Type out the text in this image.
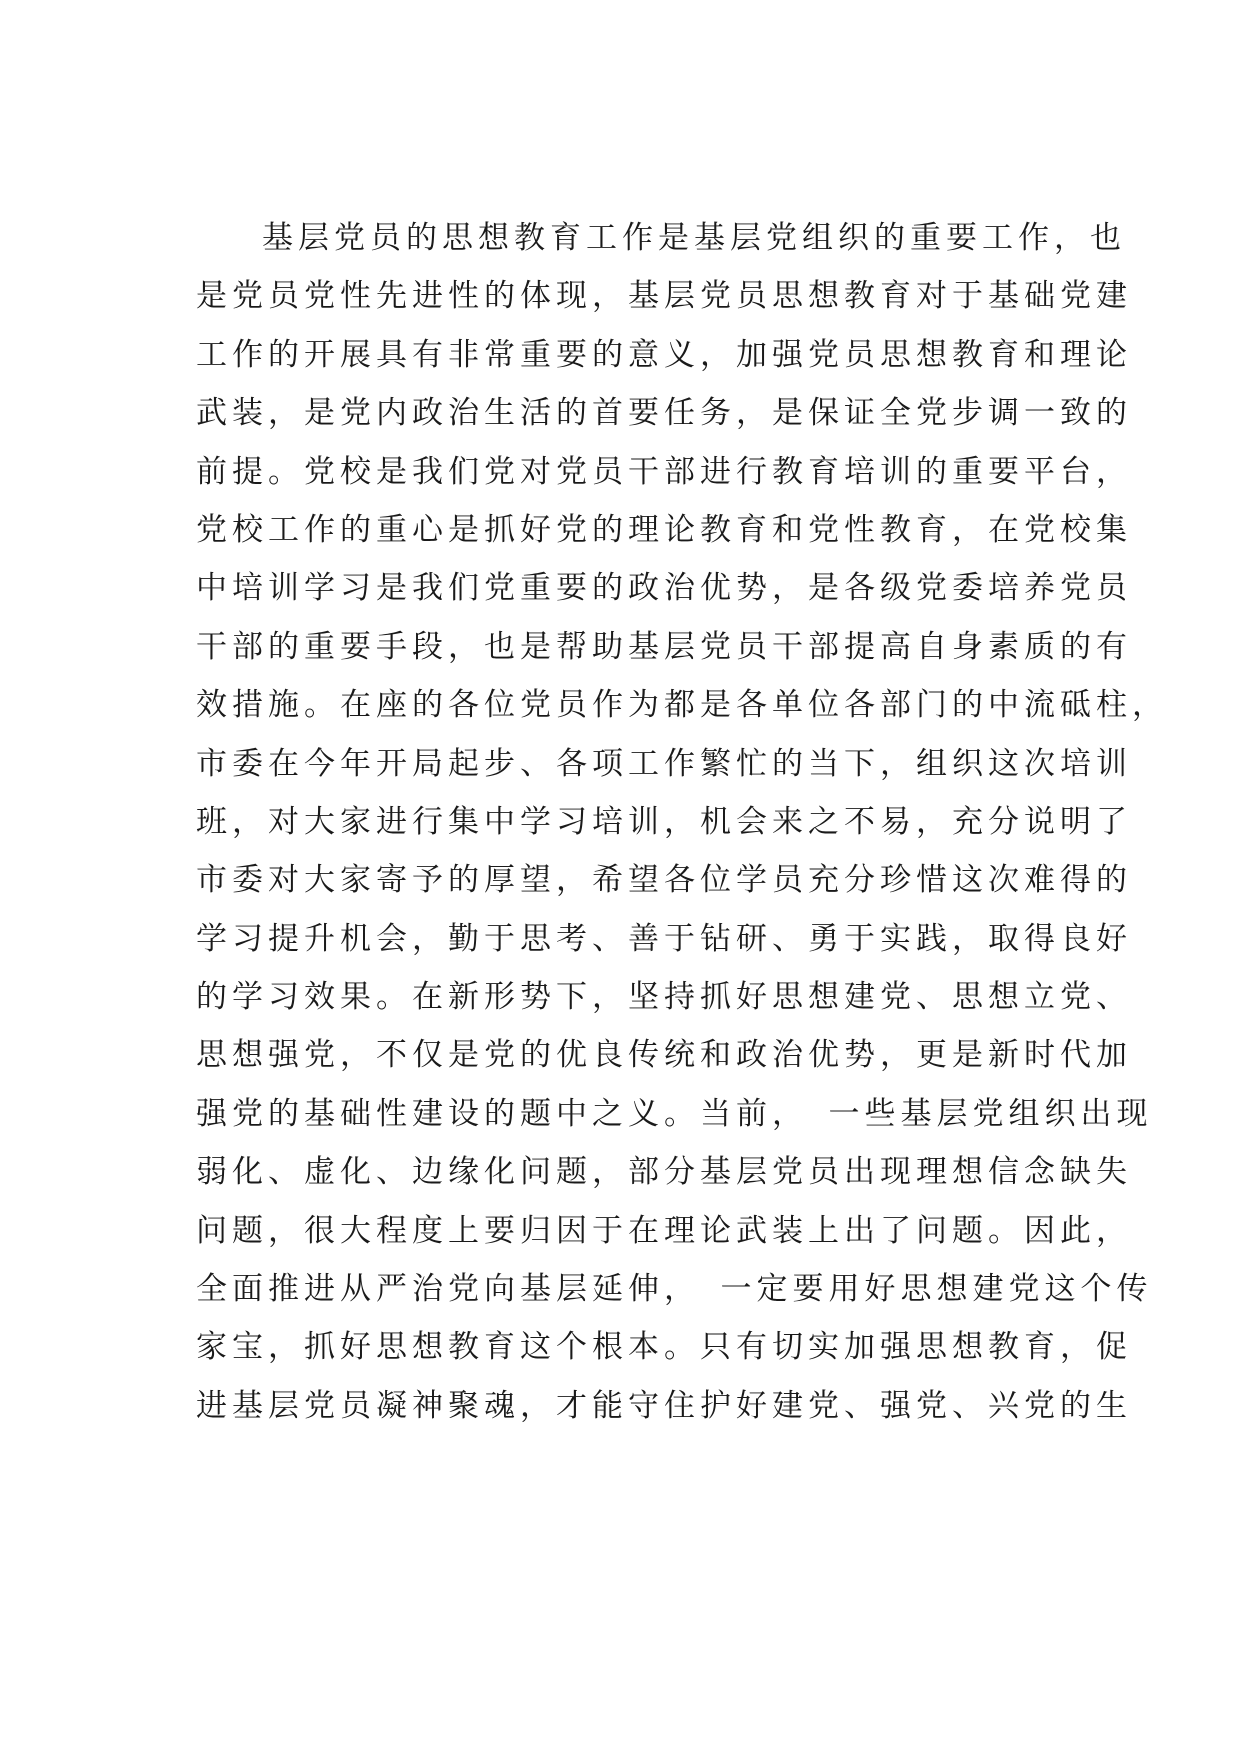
基层党员的思想教育工作是基层党组织的重要工作，也
是党员党性先进性的体现，基层党员思想教育对于基础党建
工作的开展具有非常重要的意义，加强党员思想教育和理论
武装，是党内政治生活的首要任务，是保证全党步调一致的
前提。党校是我们党对党员干部进行教育培训的重要平台，
党校工作的重心是抓好党的理论教育和党性教育，在党校集
中培训学习是我们党重要的政治优势，是各级党委培养党员
干部的重要手段，也是帮助基层党员干部提高自身素质的有
效措施。在座的各位党员作为都是各单位各部门的中流砥柱，
市委在今年开局起步、各项工作繁忙的当下，组织这次培训
班，对大家进行集中学习培训，机会来之不易，充分说明了
市委对大家寄予的厚望，希望各位学员充分珍惜这次难得的
学习提升机会，勤于思考、善于钻研、勇于实践，取得良好
的学习效果。在新形势下，坚持抓好思想建党、思想立党、
思想强党，不仅是党的优良传统和政治优势，更是新时代加
强党的基础性建设的题中之义。当前，　一些基层党组织出现
弱化、虚化、边缘化问题，部分基层党员出现理想信念缺失
问题，很大程度上要归因于在理论武装上出了问题。因此，
全面推进从严治党向基层延伸，　一定要用好思想建党这个传
家宝，抓好思想教育这个根本。只有切实加强思想教育，促
进基层党员凝神聚魂，才能守住护好建党、强党、兴党的生
